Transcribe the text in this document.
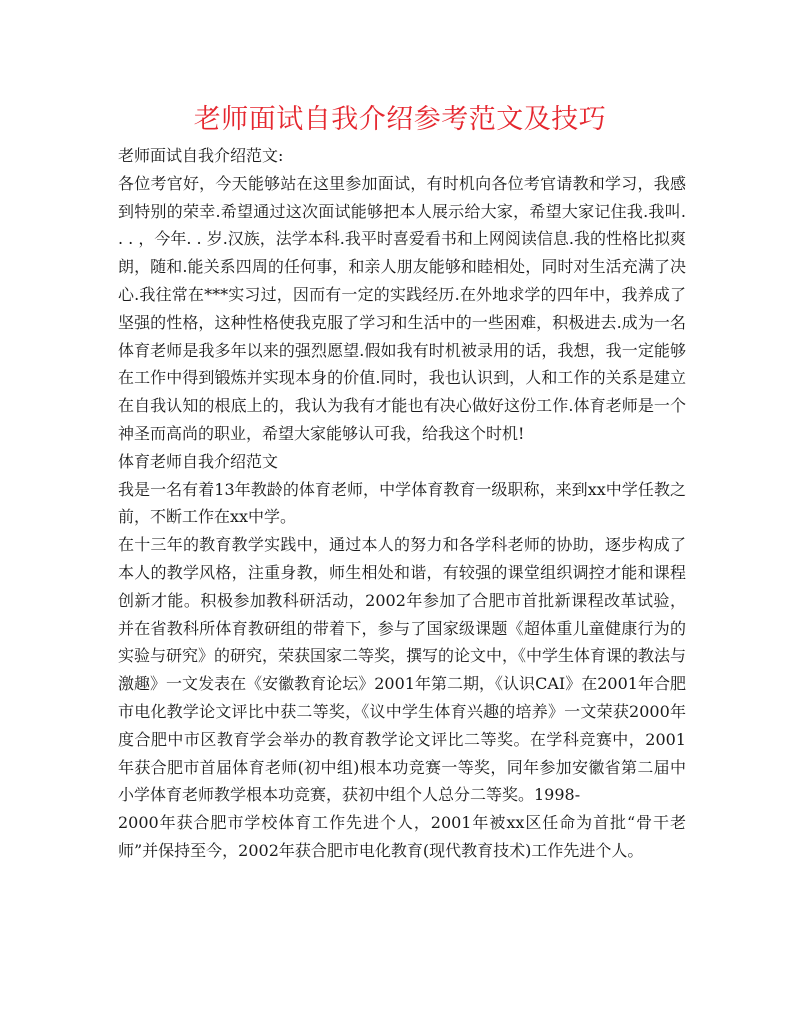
老师面试自我介绍参考范文及技巧

老师面试自我介绍范文:

各位考官好，今天能够站在这里参加面试，有时机向各位考官请教和学习，我感到特别的荣幸.希望通过这次面试能够把本人展示给大家，希望大家记住我.我叫. . . ，今年. . 岁.汉族，法学本科.我平时喜爱看书和上网阅读信息.我的性格比拟爽朗，随和.能关系四周的任何事，和亲人朋友能够和睦相处，同时对生活充满了决心.我往常在***实习过，因而有一定的实践经历.在外地求学的四年中，我养成了坚强的性格，这种性格使我克服了学习和生活中的一些困难，积极进去.成为一名体育老师是我多年以来的强烈愿望.假如我有时机被录用的话，我想，我一定能够在工作中得到锻炼并实现本身的价值.同时，我也认识到，人和工作的关系是建立在自我认知的根底上的，我认为我有才能也有决心做好这份工作.体育老师是一个神圣而高尚的职业，希望大家能够认可我，给我这个时机!

体育老师自我介绍范文

我是一名有着13年教龄的体育老师，中学体育教育一级职称，来到xx中学任教之前，不断工作在xx中学。

在十三年的教育教学实践中，通过本人的努力和各学科老师的协助，逐步构成了本人的教学风格，注重身教，师生相处和谐，有较强的课堂组织调控才能和课程创新才能。积极参加教科研活动，2002年参加了合肥市首批新课程改革试验，并在省教科所体育教研组的带着下，参与了国家级课题《超体重儿童健康行为的实验与研究》的研究，荣获国家二等奖，撰写的论文中，《中学生体育课的教法与激趣》一文发表在《安徽教育论坛》2001年第二期，《认识CAI》在2001年合肥市电化教学论文评比中获二等奖，《议中学生体育兴趣的培养》一文荣获2000年度合肥中市区教育学会举办的教育教学论文评比二等奖。在学科竞赛中，2001年获合肥市首届体育老师(初中组)根本功竞赛一等奖，同年参加安徽省第二届中小学体育老师教学根本功竞赛，获初中组个人总分二等奖。1998-

2000年获合肥市学校体育工作先进个人，2001年被xx区任命为首批“骨干老师”并保持至今，2002年获合肥市电化教育(现代教育技术)工作先进个人。
